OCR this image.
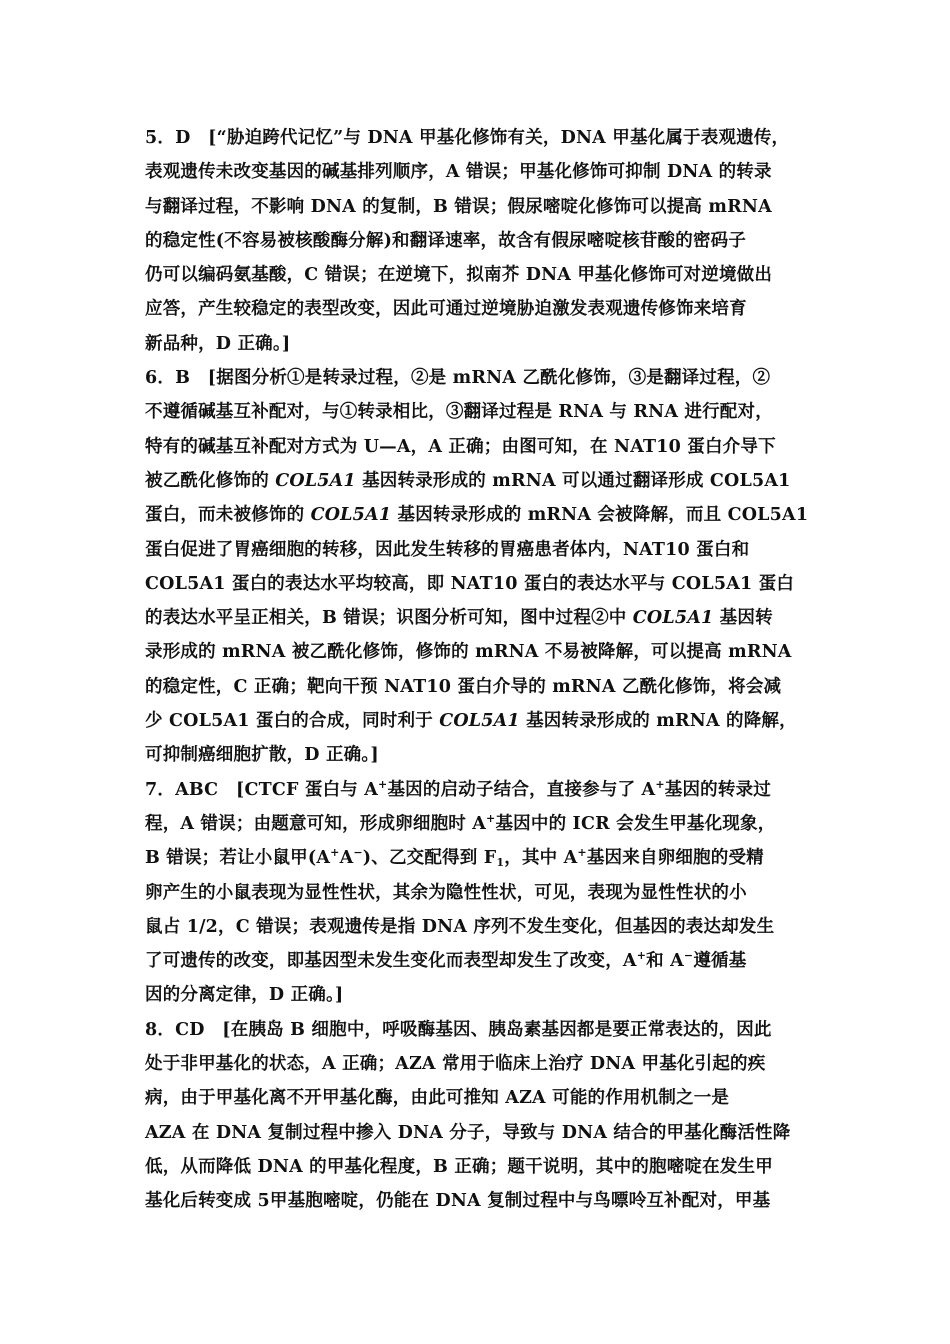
5．D　[“胁迫跨代记忆”与 DNA 甲基化修饰有关，DNA 甲基化属于表观遗传，
表观遗传未改变基因的碱基排列顺序，A 错误；甲基化修饰可抑制 DNA 的转录
与翻译过程，不影响 DNA 的复制，B 错误；假尿嘧啶化修饰可以提高 mRNA
的稳定性(不容易被核酸酶分解)和翻译速率，故含有假尿嘧啶核苷酸的密码子
仍可以编码氨基酸，C 错误；在逆境下，拟南芥 DNA 甲基化修饰可对逆境做出
应答，产生较稳定的表型改变，因此可通过逆境胁迫激发表观遗传修饰来培育
新品种，D 正确。]
6．B　[据图分析①是转录过程，②是 mRNA 乙酰化修饰，③是翻译过程，②
不遵循碱基互补配对，与①转录相比，③翻译过程是 RNA 与 RNA 进行配对，
特有的碱基互补配对方式为 U—A，A 正确；由图可知，在 NAT10 蛋白介导下
被乙酰化修饰的 COL5A1 基因转录形成的 mRNA 可以通过翻译形成 COL5A1
蛋白，而未被修饰的 COL5A1 基因转录形成的 mRNA 会被降解，而且 COL5A1
蛋白促进了胃癌细胞的转移，因此发生转移的胃癌患者体内，NAT10 蛋白和
COL5A1 蛋白的表达水平均较高，即 NAT10 蛋白的表达水平与 COL5A1 蛋白
的表达水平呈正相关，B 错误；识图分析可知，图中过程②中 COL5A1 基因转
录形成的 mRNA 被乙酰化修饰，修饰的 mRNA 不易被降解，可以提高 mRNA
的稳定性，C 正确；靶向干预 NAT10 蛋白介导的 mRNA 乙酰化修饰，将会减
少 COL5A1 蛋白的合成，同时利于 COL5A1 基因转录形成的 mRNA 的降解，
可抑制癌细胞扩散，D 正确。]
7．ABC　[CTCF 蛋白与 A+基因的启动子结合，直接参与了 A+基因的转录过
程，A 错误；由题意可知，形成卵细胞时 A+基因中的 ICR 会发生甲基化现象，
B 错误；若让小鼠甲(A+A−)、乙交配得到 $F_1$，其中 A+基因来自卵细胞的受精
卵产生的小鼠表现为显性性状，其余为隐性性状，可见，表现为显性性状的小
鼠占 1/2，C 错误；表观遗传是指 DNA 序列不发生变化，但基因的表达却发生
了可遗传的改变，即基因型未发生变化而表型却发生了改变，A+和 A−遵循基
因的分离定律，D 正确。]
8．CD　[在胰岛 B 细胞中，呼吸酶基因、胰岛素基因都是要正常表达的，因此
处于非甲基化的状态，A 正确；AZA 常用于临床上治疗 DNA 甲基化引起的疾
病，由于甲基化离不开甲基化酶，由此可推知 AZA 可能的作用机制之一是
AZA 在 DNA 复制过程中掺入 DNA 分子，导致与 DNA 结合的甲基化酶活性降
低，从而降低 DNA 的甲基化程度，B 正确；题干说明，其中的胞嘧啶在发生甲
基化后转变成 5甲基胞嘧啶，仍能在 DNA 复制过程中与鸟嘌呤互补配对，甲基
